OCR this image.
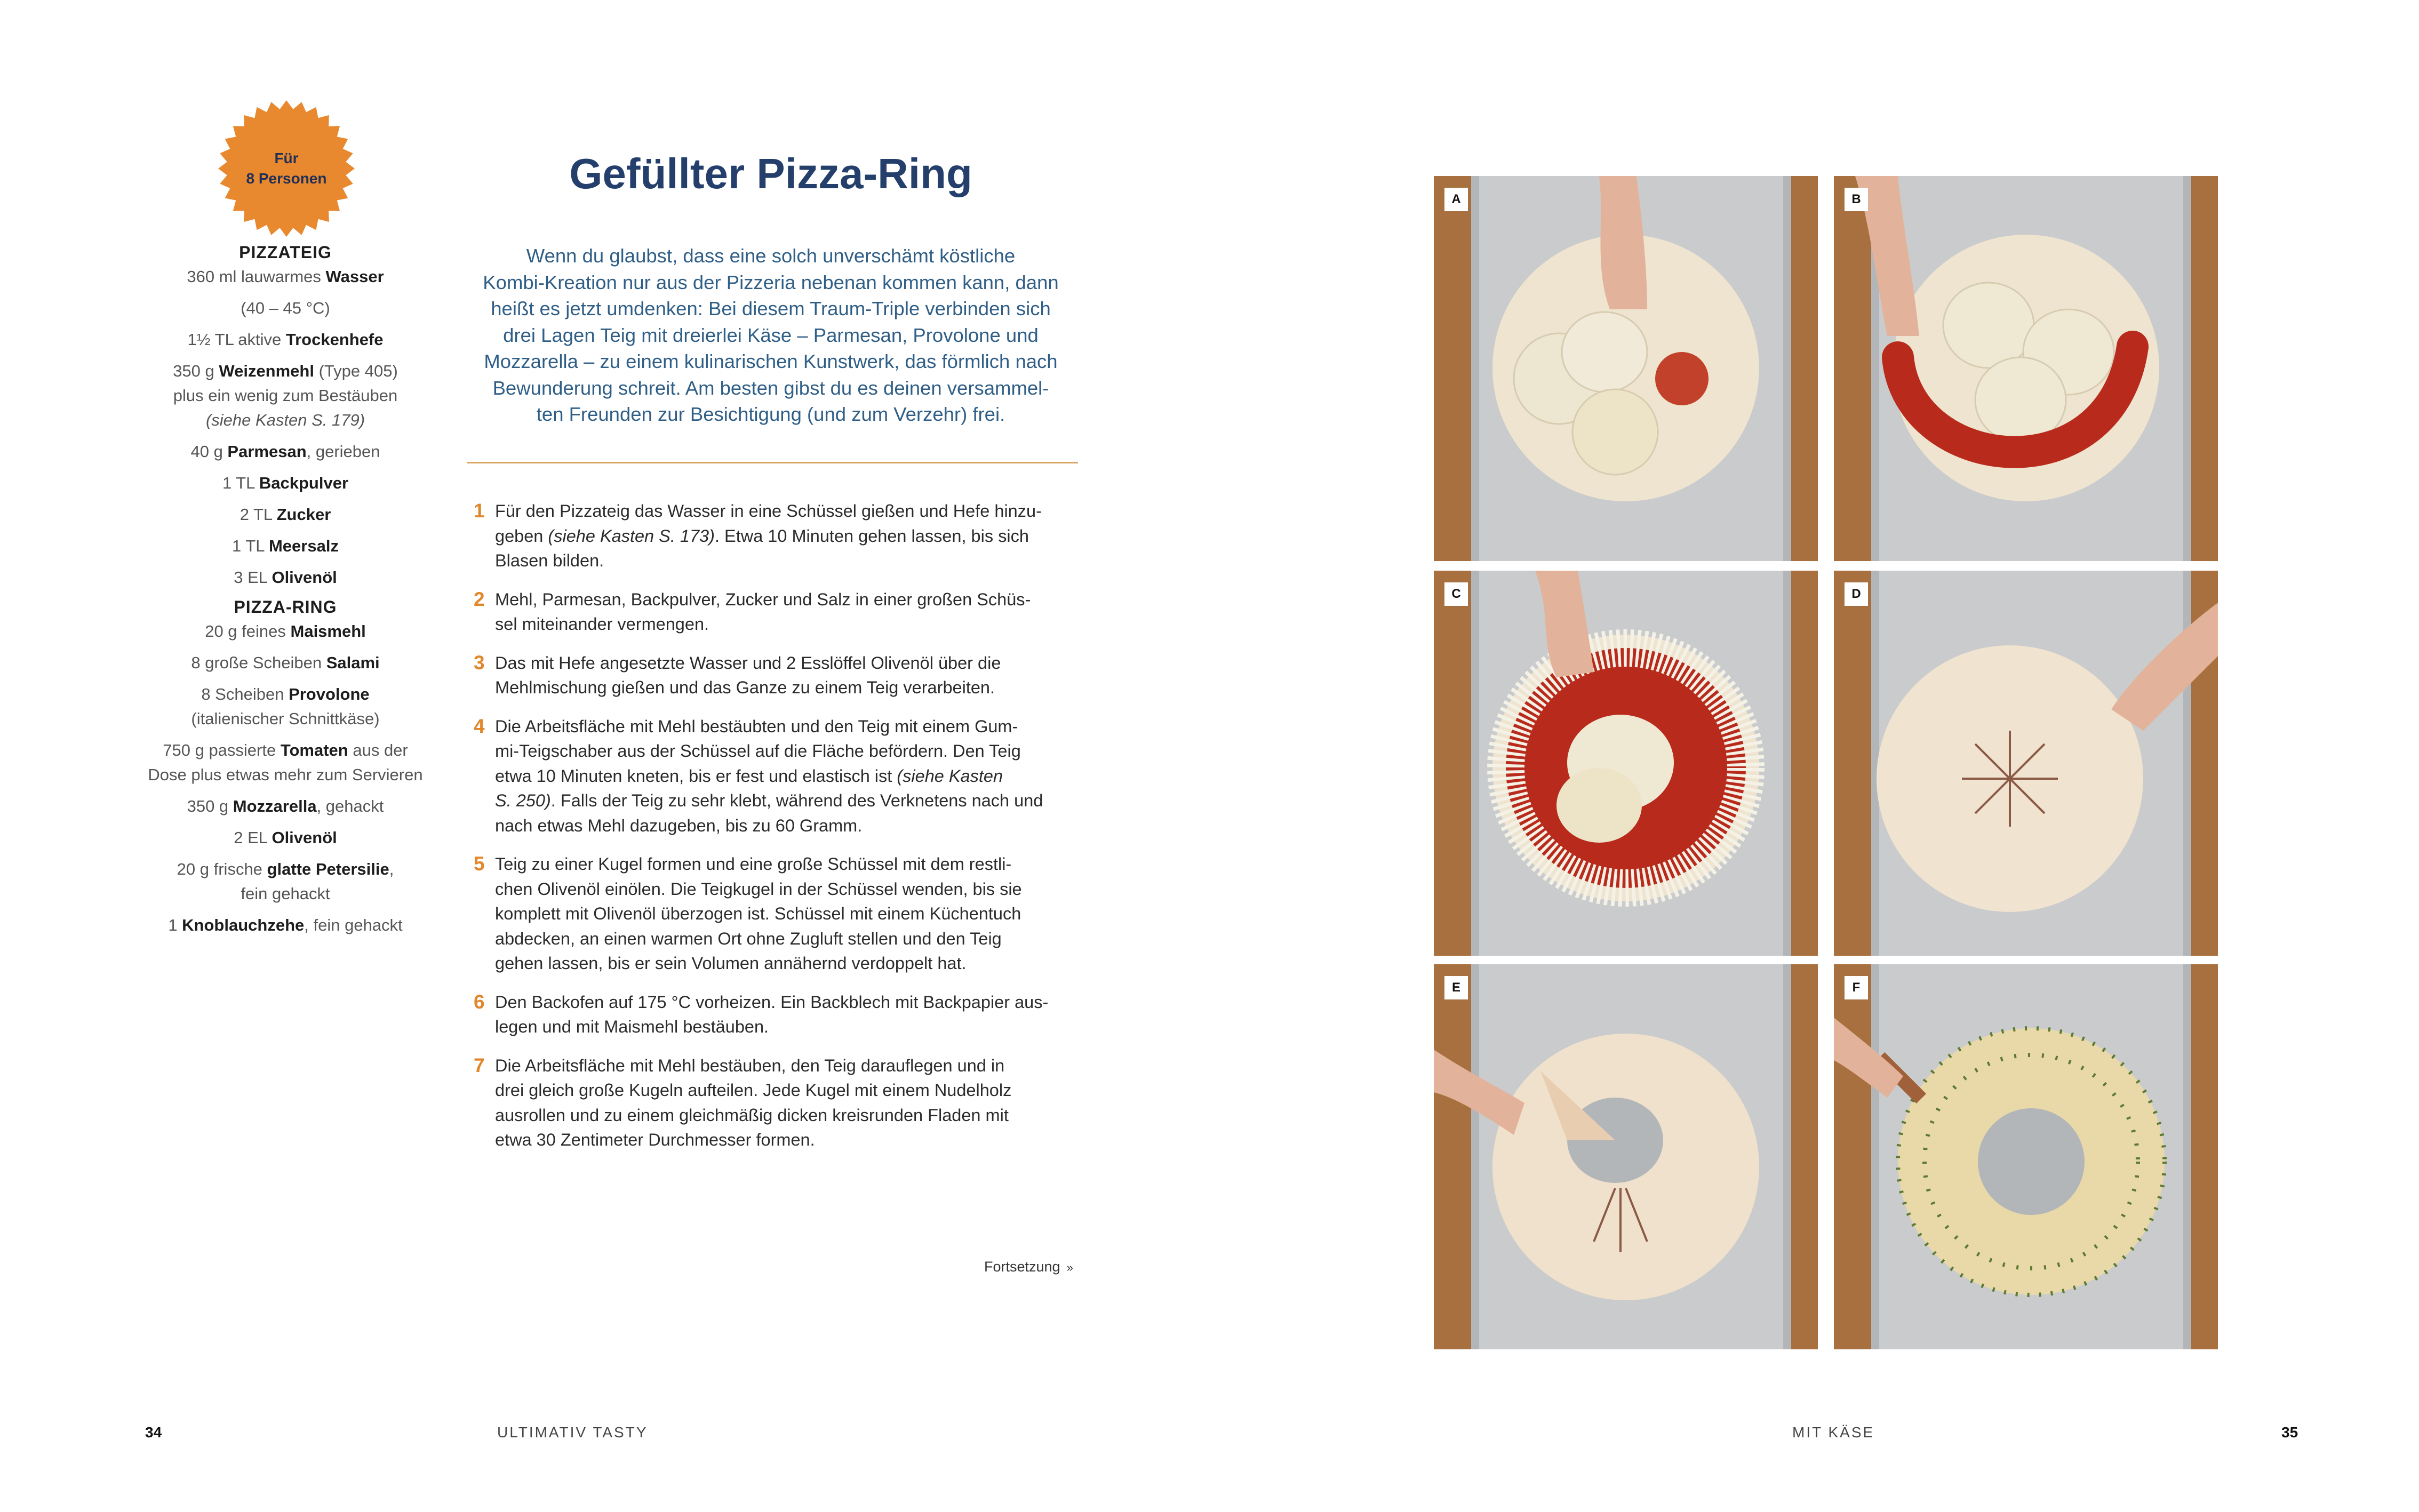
Für
8 Personen
PIZZATEIG
360 ml lauwarmes Wasser
(40 – 45 °C)
1½ TL aktive Trockenhefe
350 g Weizenmehl (Type 405)
plus ein wenig zum Bestäuben
(siehe Kasten S. 179)
40 g Parmesan, gerieben
1 TL Backpulver
2 TL Zucker
1 TL Meersalz
3 EL Olivenöl
PIZZA-RING
20 g feines Maismehl
8 große Scheiben Salami
8 Scheiben Provolone
(italienischer Schnittkäse)
750 g passierte Tomaten aus der
Dose plus etwas mehr zum Servieren
350 g Mozzarella, gehackt
2 EL Olivenöl
20 g frische glatte Petersilie,
fein gehackt
1 Knoblauchzehe, fein gehackt
Gefüllter Pizza-Ring
Wenn du glaubst, dass eine solch unverschämt köstliche
Kombi-Kreation nur aus der Pizzeria nebenan kommen kann, dann
heißt es jetzt umdenken: Bei diesem Traum-Triple verbinden sich
drei Lagen Teig mit dreierlei Käse – Parmesan, Provolone und
Mozzarella – zu einem kulinarischen Kunstwerk, das förmlich nach
Bewunderung schreit. Am besten gibst du es deinen versammel-
ten Freunden zur Besichtigung (und zum Verzehr) frei.
1 Für den Pizzateig das Wasser in eine Schüssel gießen und Hefe hinzu-
geben (siehe Kasten S. 173). Etwa 10 Minuten gehen lassen, bis sich
Blasen bilden.
2 Mehl, Parmesan, Backpulver, Zucker und Salz in einer großen Schüs-
sel miteinander vermengen.
3 Das mit Hefe angesetzte Wasser und 2 Esslöffel Olivenöl über die
Mehlmischung gießen und das Ganze zu einem Teig verarbeiten.
4 Die Arbeitsfläche mit Mehl bestäubten und den Teig mit einem Gum-
mi-Teigschaber aus der Schüssel auf die Fläche befördern. Den Teig
etwa 10 Minuten kneten, bis er fest und elastisch ist (siehe Kasten
S. 250). Falls der Teig zu sehr klebt, während des Verknetens nach und
nach etwas Mehl dazugeben, bis zu 60 Gramm.
5 Teig zu einer Kugel formen und eine große Schüssel mit dem restli-
chen Olivenöl einölen. Die Teigkugel in der Schüssel wenden, bis sie
komplett mit Olivenöl überzogen ist. Schüssel mit einem Küchentuch
abdecken, an einen warmen Ort ohne Zugluft stellen und den Teig
gehen lassen, bis er sein Volumen annähernd verdoppelt hat.
6 Den Backofen auf 175 °C vorheizen. Ein Backblech mit Backpapier aus-
legen und mit Maismehl bestäuben.
7 Die Arbeitsfläche mit Mehl bestäuben, den Teig darauflegen und in
drei gleich große Kugeln aufteilen. Jede Kugel mit einem Nudelholz
ausrollen und zu einem gleichmäßig dicken kreisrunden Fladen mit
etwa 30 Zentimeter Durchmesser formen.
Fortsetzung »
34	ULTIMATIV TASTY	MIT KÄSE	35
A	B
C	D
E	F
